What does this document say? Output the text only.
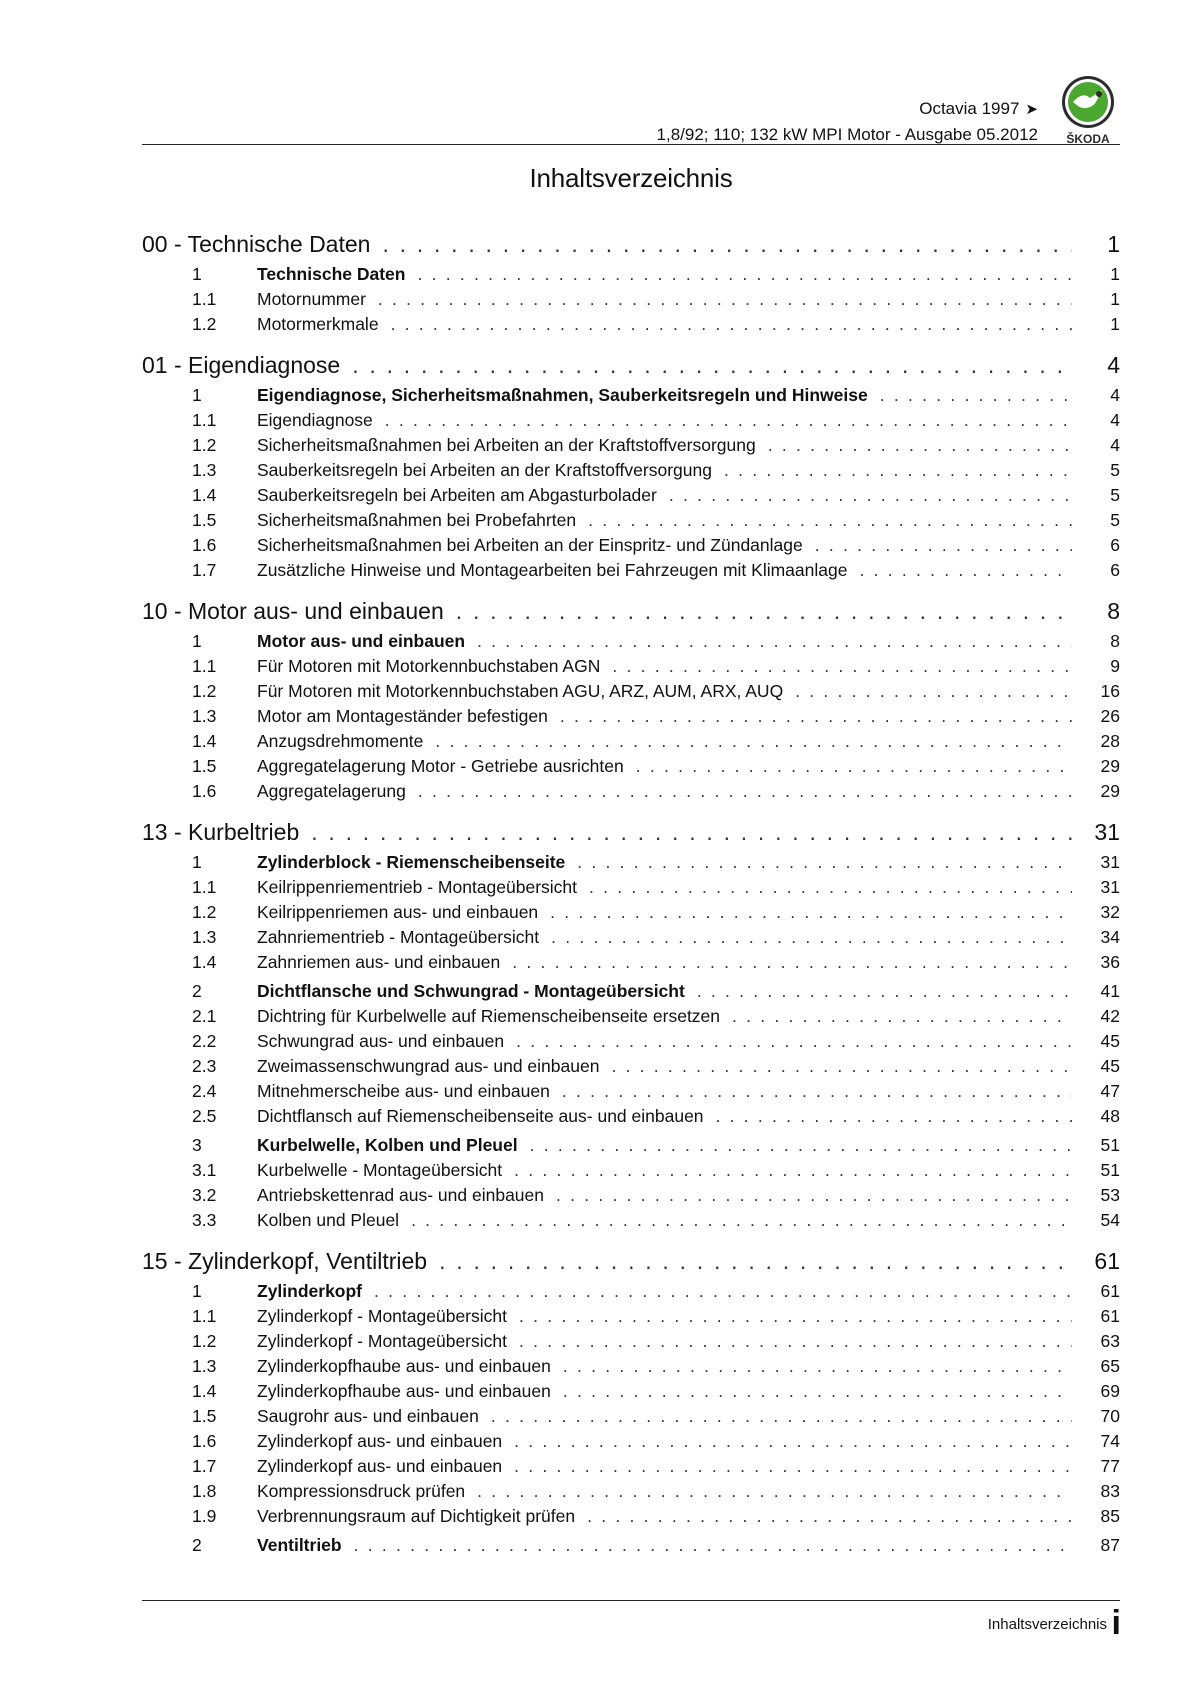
Octavia 1997 ➤
1,8/92; 110; 132 kW MPI Motor - Ausgabe 05.2012 ŠKODA
Inhaltsverzeichnis
00 - Technische Daten . . .	1
1	Technische Daten . . .	1
1.1	Motornummer . . .	1
1.2	Motormerkmale . . .	1
01 - Eigendiagnose . . .	4
1	Eigendiagnose, Sicherheitsmaßnahmen, Sauberkeitsregeln und Hinweise . . .	4
1.1	Eigendiagnose . . .	4
1.2	Sicherheitsmaßnahmen bei Arbeiten an der Kraftstoffversorgung . . .	4
1.3	Sauberkeitsregeln bei Arbeiten an der Kraftstoffversorgung . . .	5
1.4	Sauberkeitsregeln bei Arbeiten am Abgasturbolader . . .	5
1.5	Sicherheitsmaßnahmen bei Probefahrten . . .	5
1.6	Sicherheitsmaßnahmen bei Arbeiten an der Einspritz- und Zündanlage . . .	6
1.7	Zusätzliche Hinweise und Montagearbeiten bei Fahrzeugen mit Klimaanlage . . .	6
10 - Motor aus- und einbauen . . .	8
1	Motor aus- und einbauen . . .	8
1.1	Für Motoren mit Motorkennbuchstaben AGN . . .	9
1.2	Für Motoren mit Motorkennbuchstaben AGU, ARZ, AUM, ARX, AUQ . . .	16
1.3	Motor am Montageständer befestigen . . .	26
1.4	Anzugsdrehmomente . . .	28
1.5	Aggregatelagerung Motor - Getriebe ausrichten . . .	29
1.6	Aggregatelagerung . . .	29
13 - Kurbeltrieb . . .	31
1	Zylinderblock - Riemenscheibenseite . . .	31
1.1	Keilrippenriementrieb - Montageübersicht . . .	31
1.2	Keilrippenriemen aus- und einbauen . . .	32
1.3	Zahnriementrieb - Montageübersicht . . .	34
1.4	Zahnriemen aus- und einbauen . . .	36
2	Dichtflansche und Schwungrad - Montageübersicht . . .	41
2.1	Dichtring für Kurbelwelle auf Riemenscheibenseite ersetzen . . .	42
2.2	Schwungrad aus- und einbauen . . .	45
2.3	Zweimassenschwungrad aus- und einbauen . . .	45
2.4	Mitnehmerscheibe aus- und einbauen . . .	47
2.5	Dichtflansch auf Riemenscheibenseite aus- und einbauen . . .	48
3	Kurbelwelle, Kolben und Pleuel . . .	51
3.1	Kurbelwelle - Montageübersicht . . .	51
3.2	Antriebskettenrad aus- und einbauen . . .	53
3.3	Kolben und Pleuel . . .	54
15 - Zylinderkopf, Ventiltrieb . . .	61
1	Zylinderkopf . . .	61
1.1	Zylinderkopf - Montageübersicht . . .	61
1.2	Zylinderkopf - Montageübersicht . . .	63
1.3	Zylinderkopfhaube aus- und einbauen . . .	65
1.4	Zylinderkopfhaube aus- und einbauen . . .	69
1.5	Saugrohr aus- und einbauen . . .	70
1.6	Zylinderkopf aus- und einbauen . . .	74
1.7	Zylinderkopf aus- und einbauen . . .	77
1.8	Kompressionsdruck prüfen . . .	83
1.9	Verbrennungsraum auf Dichtigkeit prüfen . . .	85
2	Ventiltrieb . . .	87
Inhaltsverzeichnis i
